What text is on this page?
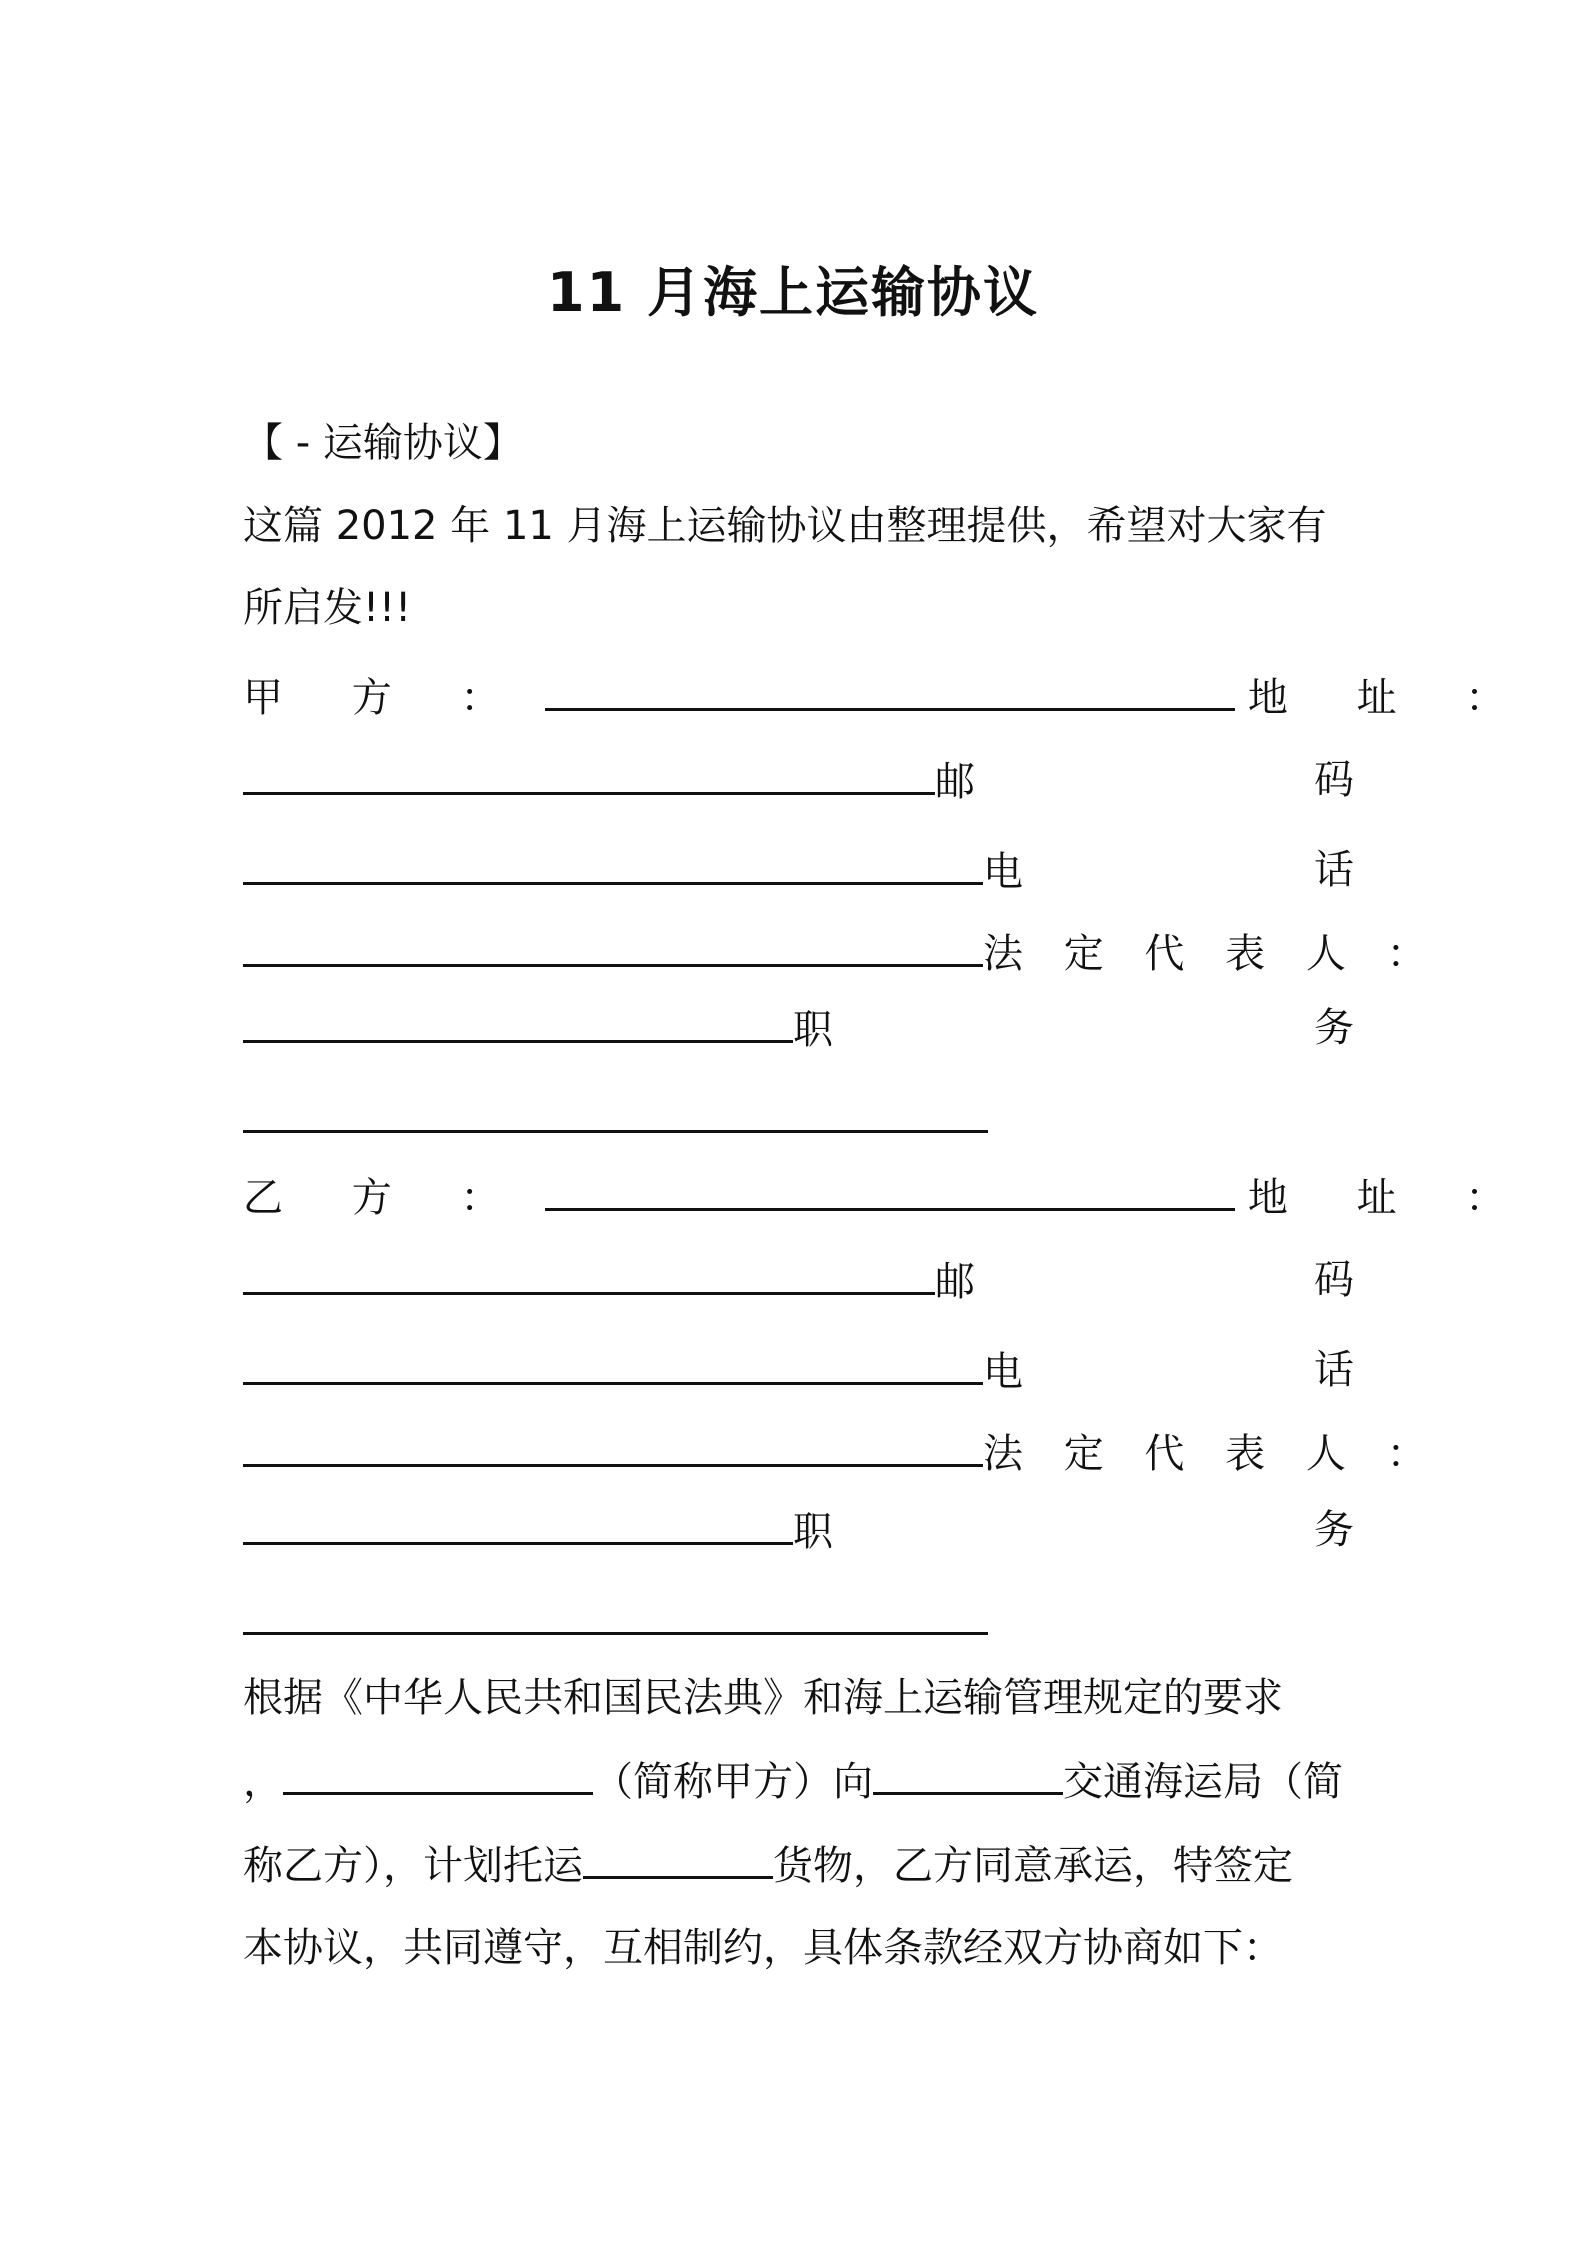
11 月海上运输协议
【 - 运输协议】
这篇 2012 年 11 月海上运输协议由整理提供，希望对大家有
所启发!!!
甲 方 ：	地 址 ：
邮	码
电	话
法 定 代 表 人 ：
职	务
乙 方 ：	地 址 ：
邮	码
电	话
法 定 代 表 人 ：
职	务
根据《中华人民共和国民法典》和海上运输管理规定的要求
，	（简称甲方）向	交通海运局（简
称乙方），计划托运	货物，乙方同意承运，特签定
本协议，共同遵守，互相制约，具体条款经双方协商如下：
